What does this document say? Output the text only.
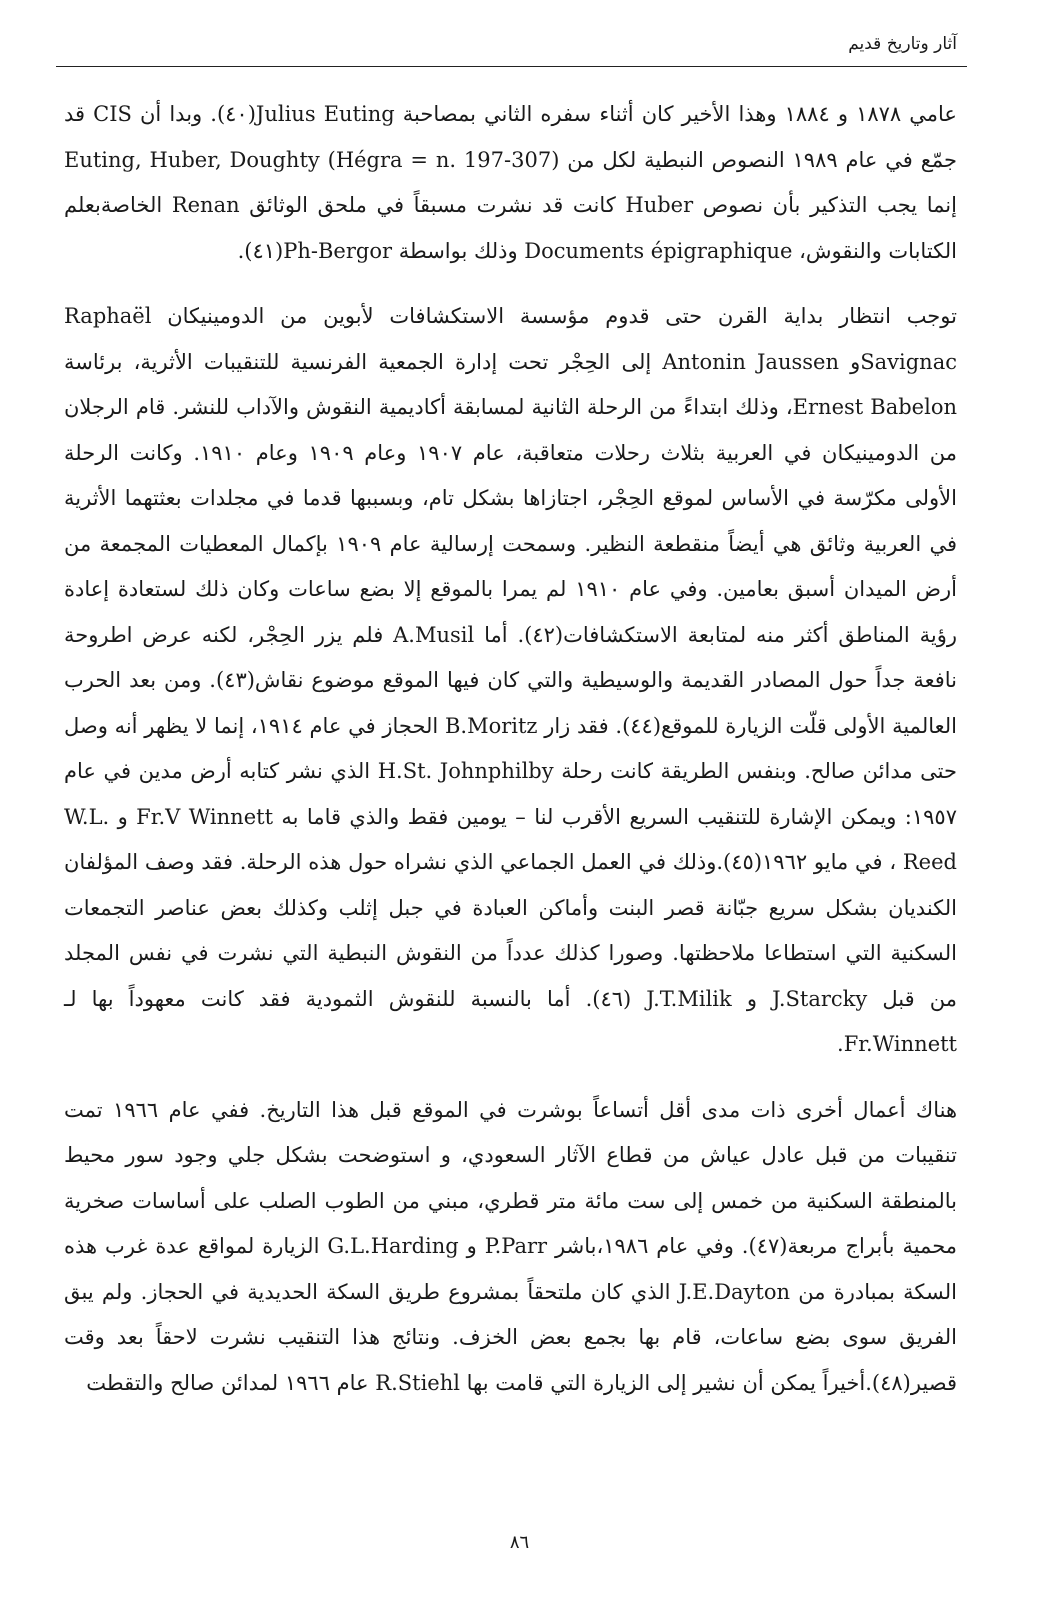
آثار وتاريخ قديم

عامي ١٨٧٨ و ١٨٨٤ وهذا الأخير كان أثناء سفره الثاني بمصاحبة Julius Euting(٤٠). وبدا أن CIS قد جمّع في عام ١٩٨٩ النصوص النبطية لكل من (Hégra = n. 197-307) Euting, Huber, Doughty إنما يجب التذكير بأن نصوص Huber كانت قد نشرت مسبقاً في ملحق الوثائق Renan الخاصةبعلم الكتابات والنقوش، Documents épigraphique وذلك بواسطة Ph-Bergor(٤١).

توجب انتظار بداية القرن حتى قدوم مؤسسة الاستكشافات لأبوين من الدومينيكان Raphaël Savignacو Antonin Jaussen إلى الحِجْر تحت إدارة الجمعية الفرنسية للتنقيبات الأثرية، برئاسة Ernest Babelon، وذلك ابتداءً من الرحلة الثانية لمسابقة أكاديمية النقوش والآداب للنشر. قام الرجلان من الدومينيكان في العربية بثلاث رحلات متعاقبة، عام ١٩٠٧ وعام ١٩٠٩ وعام ١٩١٠. وكانت الرحلة الأولى مكرّسة في الأساس لموقع الحِجْر، اجتازاها بشكل تام، وبسببها قدما في مجلدات بعثتهما الأثرية في العربية وثائق هي أيضاً منقطعة النظير. وسمحت إرسالية عام ١٩٠٩ بإكمال المعطيات المجمعة من أرض الميدان أسبق بعامين. وفي عام ١٩١٠ لم يمرا بالموقع إلا بضع ساعات وكان ذلك لستعادة إعادة رؤية المناطق أكثر منه لمتابعة الاستكشافات(٤٢). أما A.Musil فلم يزر الحِجْر، لكنه عرض اطروحة نافعة جداً حول المصادر القديمة والوسيطية والتي كان فيها الموقع موضوع نقاش(٤٣). ومن بعد الحرب العالمية الأولى قلّت الزيارة للموقع(٤٤). فقد زار B.Moritz الحجاز في عام ١٩١٤، إنما لا يظهر أنه وصل حتى مدائن صالح. وبنفس الطريقة كانت رحلة H.St. Johnphilby الذي نشر كتابه أرض مدين في عام ١٩٥٧: ويمكن الإشارة للتنقيب السريع الأقرب لنا – يومين فقط والذي قاما به Fr.V Winnett و W.L. Reed ، في مايو ١٩٦٢(٤٥).وذلك في العمل الجماعي الذي نشراه حول هذه الرحلة. فقد وصف المؤلفان الكنديان بشكل سريع جبّانة قصر البنت وأماكن العبادة في جبل إثلب وكذلك بعض عناصر التجمعات السكنية التي استطاعا ملاحظتها. وصورا كذلك عدداً من النقوش النبطية التي نشرت في نفس المجلد من قبل J.Starcky و J.T.Milik (٤٦). أما بالنسبة للنقوش الثمودية فقد كانت معهوداً بها لـ Fr.Winnett.

هناك أعمال أخرى ذات مدى أقل أتساعاً بوشرت في الموقع قبل هذا التاريخ. ففي عام ١٩٦٦ تمت تنقيبات من قبل عادل عياش من قطاع الآثار السعودي، و استوضحت بشكل جلي وجود سور محيط بالمنطقة السكنية من خمس إلى ست مائة متر قطري، مبني من الطوب الصلب على أساسات صخرية محمية بأبراج مربعة(٤٧). وفي عام ١٩٨٦،باشر P.Parr و G.L.Harding الزيارة لمواقع عدة غرب هذه السكة بمبادرة من J.E.Dayton الذي كان ملتحقاً بمشروع طريق السكة الحديدية في الحجاز. ولم يبق الفريق سوى بضع ساعات، قام بها بجمع بعض الخزف. ونتائج هذا التنقيب نشرت لاحقاً بعد وقت قصير(٤٨).أخيراً يمكن أن نشير إلى الزيارة التي قامت بها R.Stiehl عام ١٩٦٦ لمدائن صالح والتقطت

٨٦
